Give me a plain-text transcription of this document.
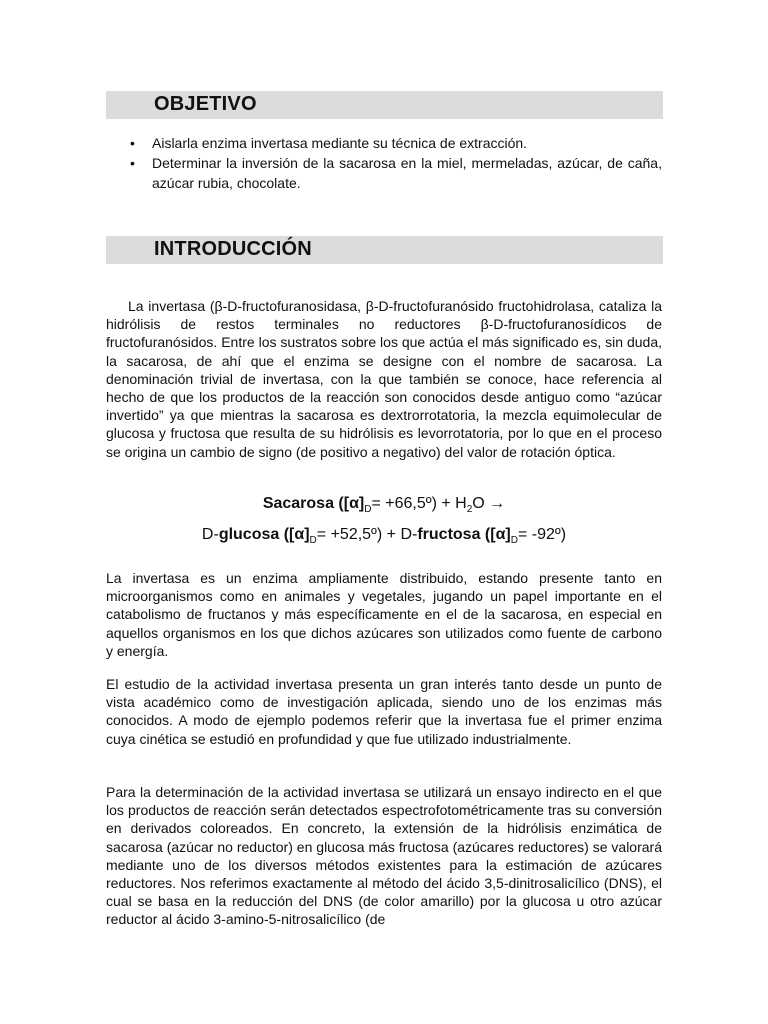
OBJETIVO
• Aislarla enzima invertasa mediante su técnica de extracción.
• Determinar la inversión de la sacarosa en la miel, mermeladas, azúcar, de caña, azúcar rubia, chocolate.
INTRODUCCIÓN

La invertasa (β-D-fructofuranosidasa, β-D-fructofuranósido fructohidrolasa, cataliza la hidrólisis de restos terminales no reductores β-D-fructofuranosídicos de fructofuranósidos. Entre los sustratos sobre los que actúa el más significado es, sin duda, la sacarosa, de ahí que el enzima se designe con el nombre de sacarosa. La denominación trivial de invertasa, con la que también se conoce, hace referencia al hecho de que los productos de la reacción son conocidos desde antiguo como “azúcar invertido” ya que mientras la sacarosa es dextrorrotatoria, la mezcla equimolecular de glucosa y fructosa que resulta de su hidrólisis es levorrotatoria, por lo que en el proceso se origina un cambio de signo (de positivo a negativo) del valor de rotación óptica.

Sacarosa ($[\alpha]_D=$ +66,5º) + $H_2O$ →
D-glucosa ($[\alpha]_D=$ +52,5º) + D-fructosa ($[\alpha]_D=$ -92º)

La invertasa es un enzima ampliamente distribuido, estando presente tanto en microorganismos como en animales y vegetales, jugando un papel importante en el catabolismo de fructanos y más específicamente en el de la sacarosa, en especial en aquellos organismos en los que dichos azúcares son utilizados como fuente de carbono y energía.

El estudio de la actividad invertasa presenta un gran interés tanto desde un punto de vista académico como de investigación aplicada, siendo uno de los enzimas más conocidos. A modo de ejemplo podemos referir que la invertasa fue el primer enzima cuya cinética se estudió en profundidad y que fue utilizado industrialmente.

Para la determinación de la actividad invertasa se utilizará un ensayo indirecto en el que los productos de reacción serán detectados espectrofotométricamente tras su conversión en derivados coloreados. En concreto, la extensión de la hidrólisis enzimática de sacarosa (azúcar no reductor) en glucosa más fructosa (azúcares reductores) se valorará mediante uno de los diversos métodos existentes para la estimación de azúcares reductores. Nos referimos exactamente al método del ácido 3,5-dinitrosalicílico (DNS), el cual se basa en la reducción del DNS (de color amarillo) por la glucosa u otro azúcar reductor al ácido 3-amino-5-nitrosalicílico (de
